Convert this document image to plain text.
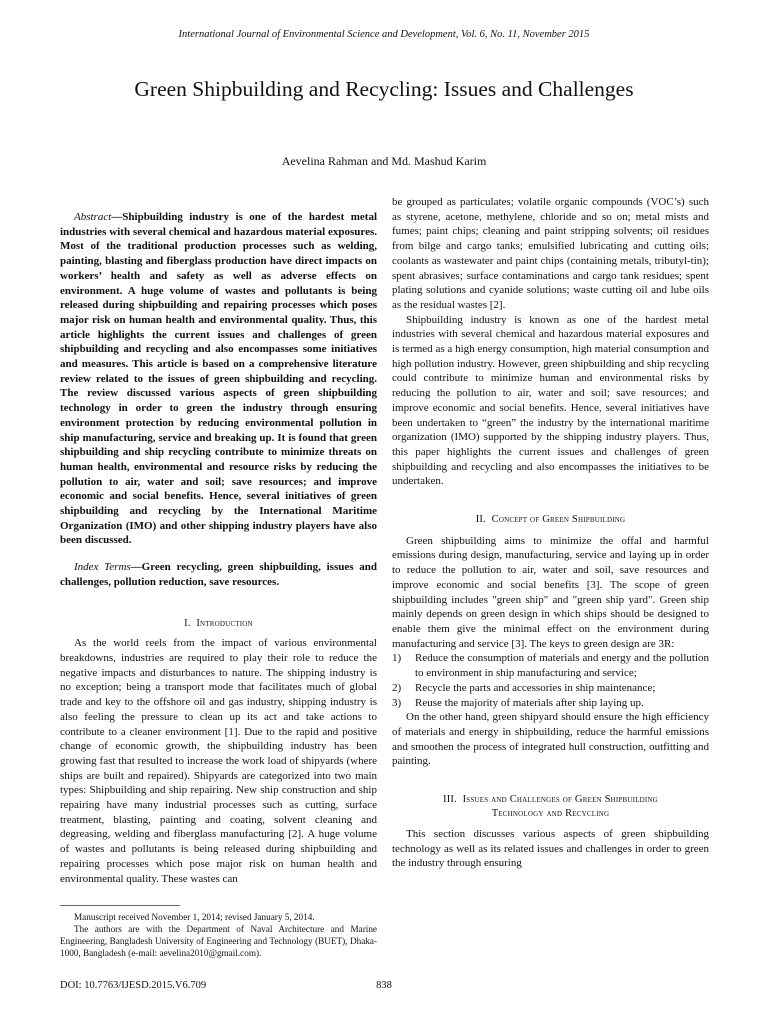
International Journal of Environmental Science and Development, Vol. 6, No. 11, November 2015
Green Shipbuilding and Recycling: Issues and Challenges
Aevelina Rahman and Md. Mashud Karim

Abstract—Shipbuilding industry is one of the hardest metal industries with several chemical and hazardous material exposures. Most of the traditional production processes such as welding, painting, blasting and fiberglass production have direct impacts on workers’ health and safety as well as adverse effects on environment. A huge volume of wastes and pollutants is being released during shipbuilding and repairing processes which poses major risk on human health and environmental quality. Thus, this article highlights the current issues and challenges of green shipbuilding and recycling and also encompasses some initiatives and measures. This article is based on a comprehensive literature review related to the issues of green shipbuilding and recycling. The review discussed various aspects of green shipbuilding technology in order to green the industry through ensuring environment protection by reducing environmental pollution in ship manufacturing, service and breaking up. It is found that green shipbuilding and ship recycling contribute to minimize threats on human health, environmental and resource risks by reducing the pollution to air, water and soil; save resources; and improve economic and social benefits. Hence, several initiatives of green shipbuilding and recycling by the International Maritime Organization (IMO) and other shipping industry players have also been discussed.

Index Terms—Green recycling, green shipbuilding, issues and challenges, pollution reduction, save resources.

I. Introduction

As the world reels from the impact of various environmental breakdowns, industries are required to play their role to reduce the negative impacts and disturbances to nature. The shipping industry is no exception; being a transport mode that facilitates much of global trade and key to the offshore oil and gas industry, shipping industry is also feeling the pressure to clean up its act and take actions to contribute to a cleaner environment [1]. Due to the rapid and positive change of economic growth, the shipbuilding industry has been growing fast that resulted to increase the work load of shipyards (where ships are built and repaired). Shipyards are categorized into two main types: Shipbuilding and ship repairing. New ship construction and ship repairing have many industrial processes such as cutting, surface treatment, blasting, painting and coating, solvent cleaning and degreasing, welding and fiberglass manufacturing [2]. A huge volume of wastes and pollutants is being released during shipbuilding and repairing processes which pose major risk on human health and environmental quality. These wastes can

be grouped as particulates; volatile organic compounds (VOC’s) such as styrene, acetone, methylene, chloride and so on; metal mists and fumes; paint chips; cleaning and paint stripping solvents; oil residues from bilge and cargo tanks; emulsified lubricating and cutting oils; coolants as wastewater and paint chips (containing metals, tributyl-tin); spent abrasives; surface contaminations and cargo tank residues; spent plating solutions and cyanide solutions; waste cutting oil and lube oils as the residual wastes [2].

Shipbuilding industry is known as one of the hardest metal industries with several chemical and hazardous material exposures and is termed as a high energy consumption, high material consumption and high pollution industry. However, green shipbuilding and ship recycling could contribute to minimize human and environmental risks by reducing the pollution to air, water and soil; save resources; and improve economic and social benefits. Hence, several initiatives have been undertaken to “green” the industry by the international maritime organization (IMO) supported by the shipping industry players. Thus, this paper highlights the current issues and challenges of green shipbuilding and recycling and also encompasses the initiatives to be undertaken.

II. Concept of Green Shipbuilding

Green shipbuilding aims to minimize the offal and harmful emissions during design, manufacturing, service and laying up in order to reduce the pollution to air, water and soil, save resources and improve economic and social benefits [3]. The scope of green shipbuilding includes "green ship" and "green ship yard". Green ship mainly depends on green design in which ships should be designed to enable them give the minimal effect on the environment during manufacturing and service [3]. The keys to green design are 3R:

1)	Reduce the consumption of materials and energy and the pollution to environment in ship manufacturing and service;
2)	Recycle the parts and accessories in ship maintenance;
3)	Reuse the majority of materials after ship laying up.

On the other hand, green shipyard should ensure the high efficiency of materials and energy in shipbuilding, reduce the harmful emissions and smoothen the process of integrated hull construction, outfitting and painting.

III. Issues and Challenges of Green Shipbuilding
Technology and Recycling

This section discusses various aspects of green shipbuilding technology as well as its related issues and challenges in order to green the industry through ensuring

Manuscript received November 1, 2014; revised January 5, 2014.

The authors are with the Department of Naval Architecture and Marine Engineering, Bangladesh University of Engineering and Technology (BUET), Dhaka-1000, Bangladesh (e-mail: aevelina2010@gmail.com).

DOI: 10.7763/IJESD.2015.V6.709	838
